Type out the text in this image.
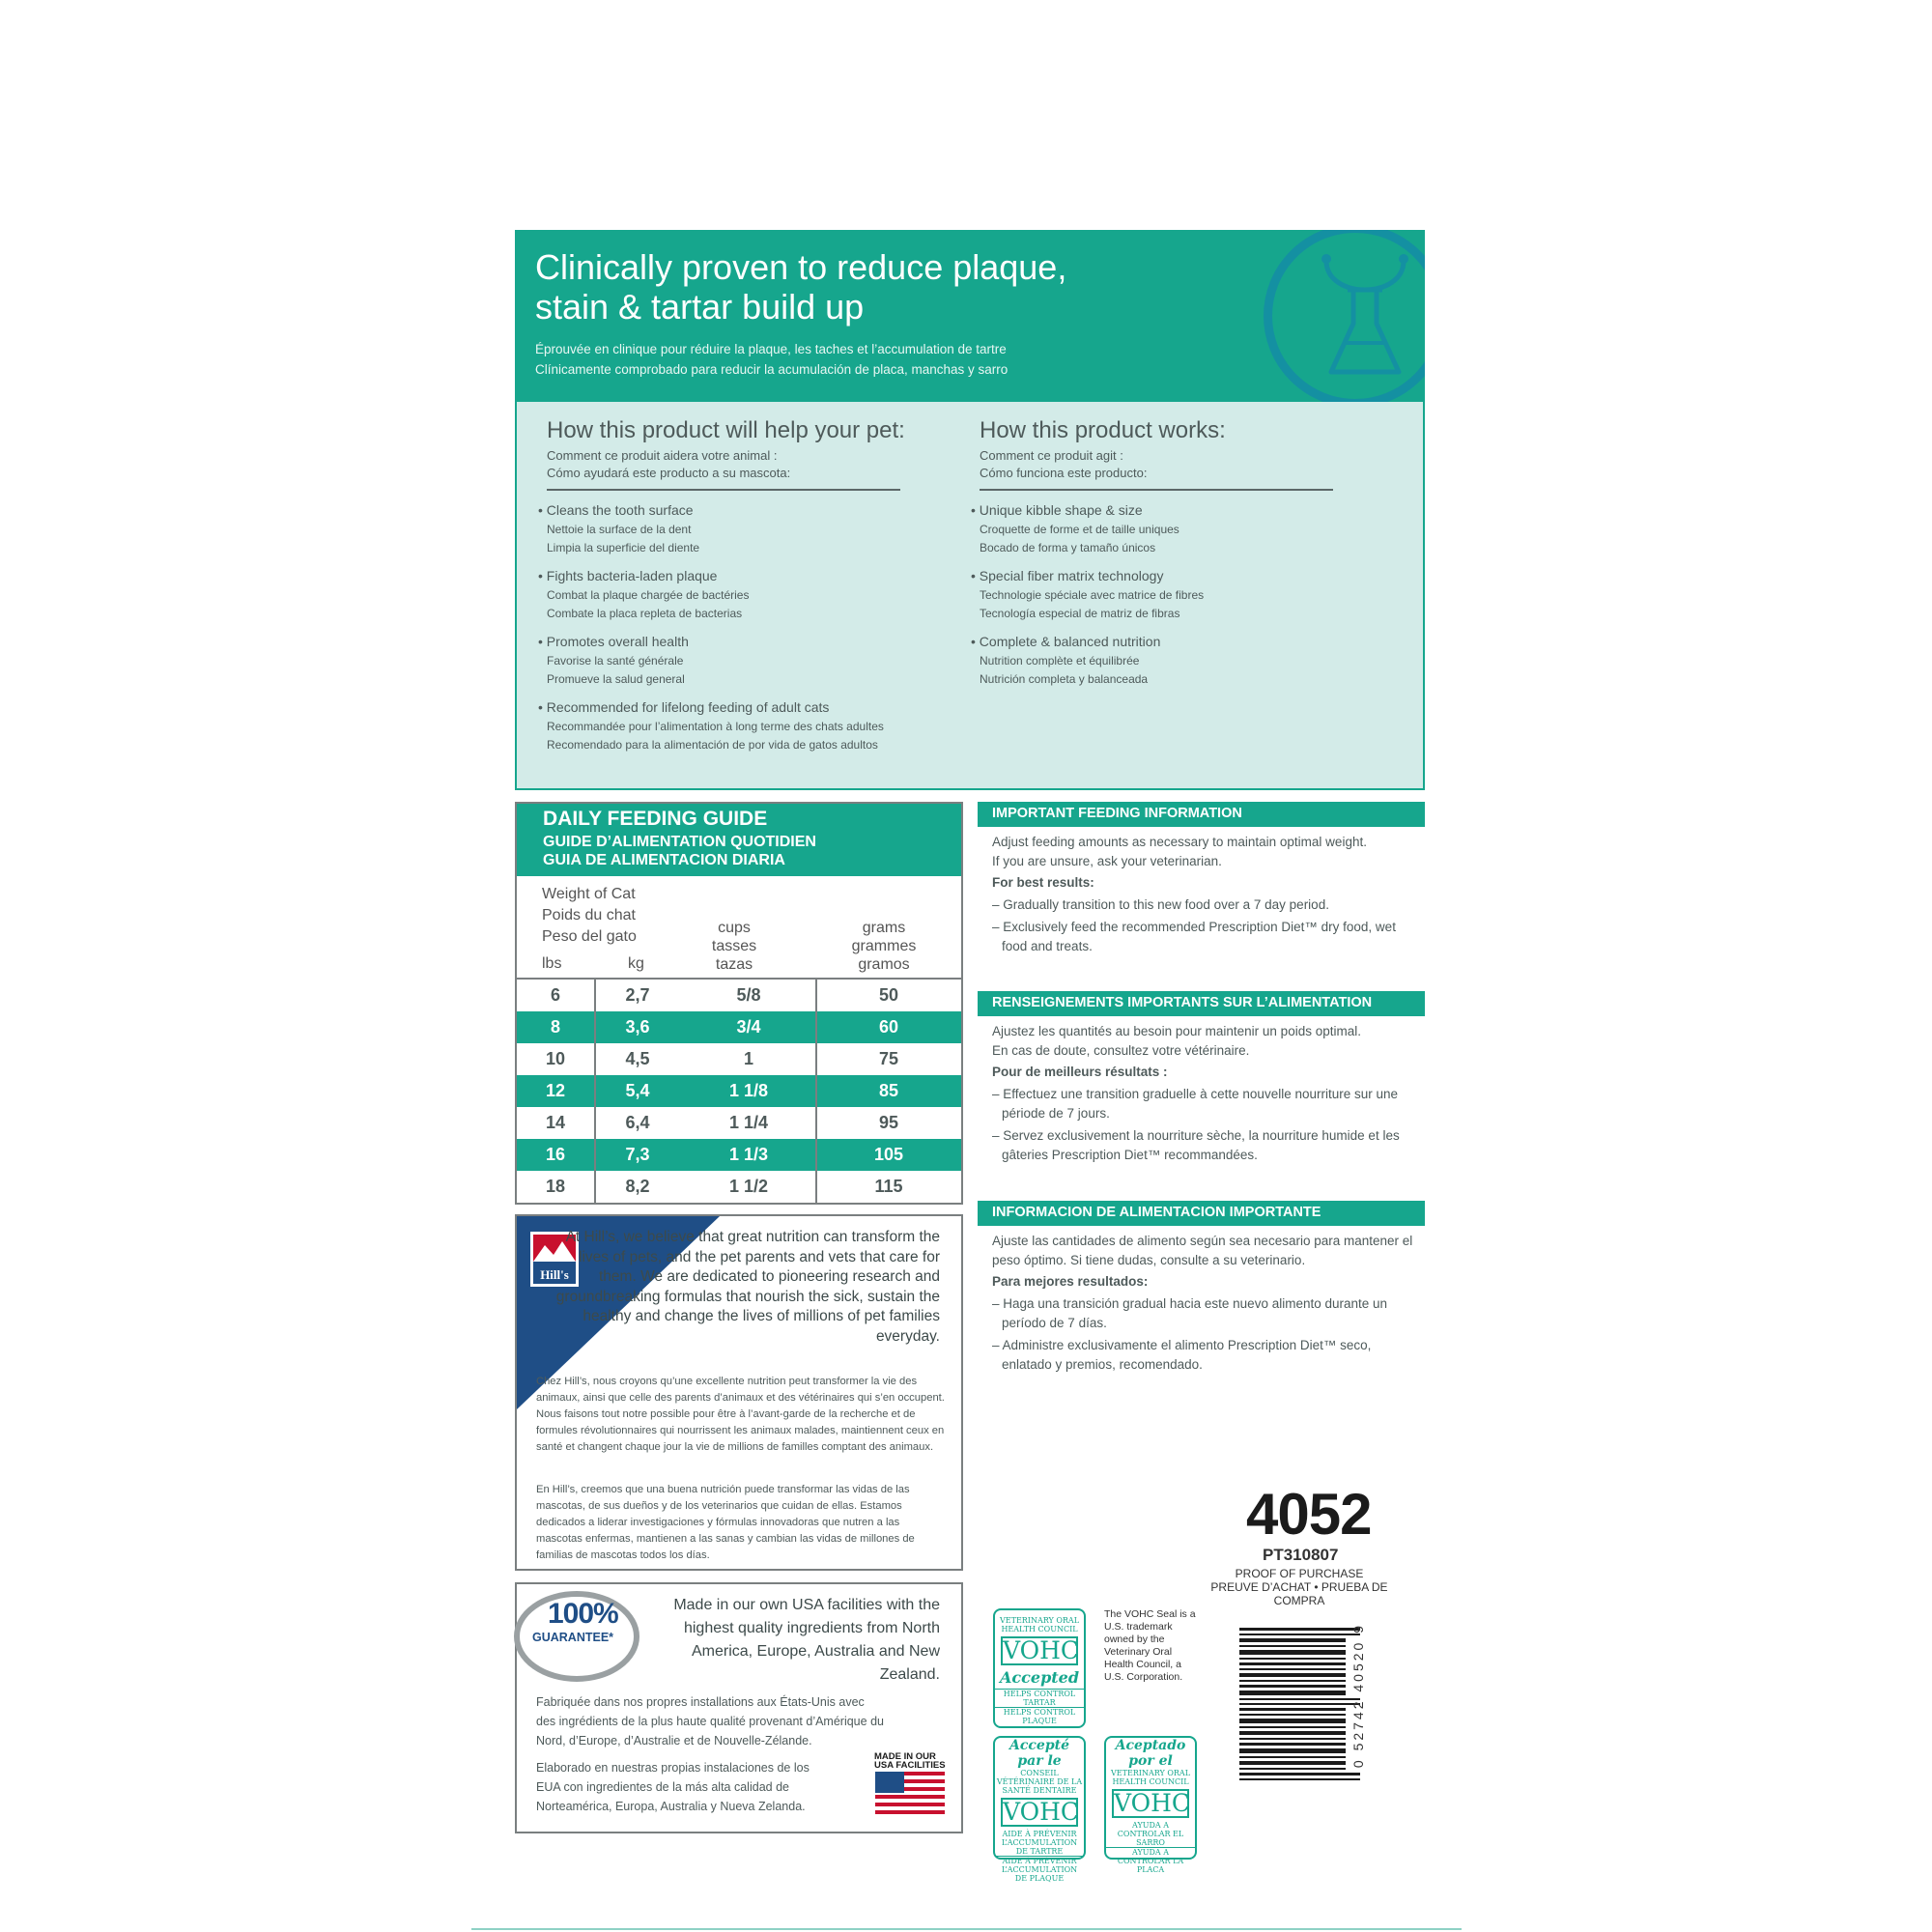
Clinically proven to reduce plaque,
stain & tartar build up
Éprouvée en clinique pour réduire la plaque, les taches et l’accumulation de tartre
Clínicamente comprobado para reducir la acumulación de placa, manchas y sarro
How this product will help your pet:
Comment ce produit aidera votre animal :
Cómo ayudará este producto a su mascota:
• Cleans the tooth surface
Nettoie la surface de la dent
Limpia la superficie del diente
• Fights bacteria-laden plaque
Combat la plaque chargée de bactéries
Combate la placa repleta de bacterias
• Promotes overall health
Favorise la santé générale
Promueve la salud general
• Recommended for lifelong feeding of adult cats
Recommandée pour l’alimentation à long terme des chats adultes
Recomendado para la alimentación de por vida de gatos adultos
How this product works:
Comment ce produit agit :
Cómo funciona este producto:
• Unique kibble shape & size
Croquette de forme et de taille uniques
Bocado de forma y tamaño únicos
• Special fiber matrix technology
Technologie spéciale avec matrice de fibres
Tecnología especial de matriz de fibras
• Complete & balanced nutrition
Nutrition complète et équilibrée
Nutrición completa y balanceada
DAILY FEEDING GUIDE
GUIDE D’ALIMENTATION QUOTIDIEN
GUIA DE ALIMENTACION DIARIA
Weight of Cat
Poids du chat
Peso del gato
lbs	kg
cups
tasses
tazas
grams
grammes
gramos
6	2,7	5/8	50
8	3,6	3/4	60
10	4,5	1	75
12	5,4	1 1/8	85
14	6,4	1 1/4	95
16	7,3	1 1/3	105
18	8,2	1 1/2	115
IMPORTANT FEEDING INFORMATION
Adjust feeding amounts as necessary to maintain optimal weight.
If you are unsure, ask your veterinarian.
For best results:
– Gradually transition to this new food over a 7 day period.
– Exclusively feed the recommended Prescription Diet™ dry food, wet food and treats.
RENSEIGNEMENTS IMPORTANTS SUR L’ALIMENTATION
Ajustez les quantités au besoin pour maintenir un poids optimal.
En cas de doute, consultez votre vétérinaire.
Pour de meilleurs résultats :
– Effectuez une transition graduelle à cette nouvelle nourriture sur une période de 7 jours.
– Servez exclusivement la nourriture sèche, la nourriture humide et les gâteries Prescription Diet™ recommandées.
INFORMACION DE ALIMENTACION IMPORTANTE
Ajuste las cantidades de alimento según sea necesario para mantener el peso óptimo. Si tiene dudas, consulte a su veterinario.
Para mejores resultados:
– Haga una transición gradual hacia este nuevo alimento durante un período de 7 días.
– Administre exclusivamente el alimento Prescription Diet™ seco, enlatado y premios, recomendado.
Hill's
At Hill’s, we believe that great nutrition can transform the lives of pets, and the pet parents and vets that care for them. We are dedicated to pioneering research and groundbreaking formulas that nourish the sick, sustain the healthy and change the lives of millions of pet families everyday.
Chez Hill’s, nous croyons qu’une excellente nutrition peut transformer la vie des animaux, ainsi que celle des parents d’animaux et des vétérinaires qui s’en occupent. Nous faisons tout notre possible pour être à l’avant-garde de la recherche et de formules révolutionnaires qui nourrissent les animaux malades, maintiennent ceux en santé et changent chaque jour la vie de millions de familles comptant des animaux.
En Hill’s, creemos que una buena nutrición puede transformar las vidas de las mascotas, de sus dueños y de los veterinarios que cuidan de ellas. Estamos dedicados a liderar investigaciones y fórmulas innovadoras que nutren a las mascotas enfermas, mantienen a las sanas y cambian las vidas de millones de familias de mascotas todos los días.
100%
GUARANTEE*
Made in our own USA facilities with the highest quality ingredients from North America, Europe, Australia and New Zealand.
Fabriquée dans nos propres installations aux États-Unis avec des ingrédients de la plus haute qualité provenant d’Amérique du Nord, d’Europe, d’Australie et de Nouvelle-Zélande.
Elaborado en nuestras propias instalaciones de los EUA con ingredientes de la más alta calidad de Norteamérica, Europa, Australia y Nueva Zelanda.
MADE IN OUR
USA FACILITIES
4052
PT310807
PROOF OF PURCHASE
PREUVE D’ACHAT • PRUEBA DE COMPRA
VETERINARY ORAL HEALTH COUNCIL
VOHC
Accepted
HELPS CONTROL TARTAR
HELPS CONTROL PLAQUE
The VOHC Seal is a U.S. trademark owned by the Veterinary Oral Health Council, a U.S. Corporation.
Accepté par le
CONSEIL VÉTÉRINAIRE DE LA SANTÉ DENTAIRE
VOHC
AIDE À PRÉVENIR L’ACCUMULATION DE TARTRE
AIDE À PRÉVENIR L’ACCUMULATION DE PLAQUE
Aceptado por el
VETERINARY ORAL HEALTH COUNCIL
VOHC
AYUDA A CONTROLAR EL SARRO
AYUDA A CONTROLAR LA PLACA
0 52742 40520 9
